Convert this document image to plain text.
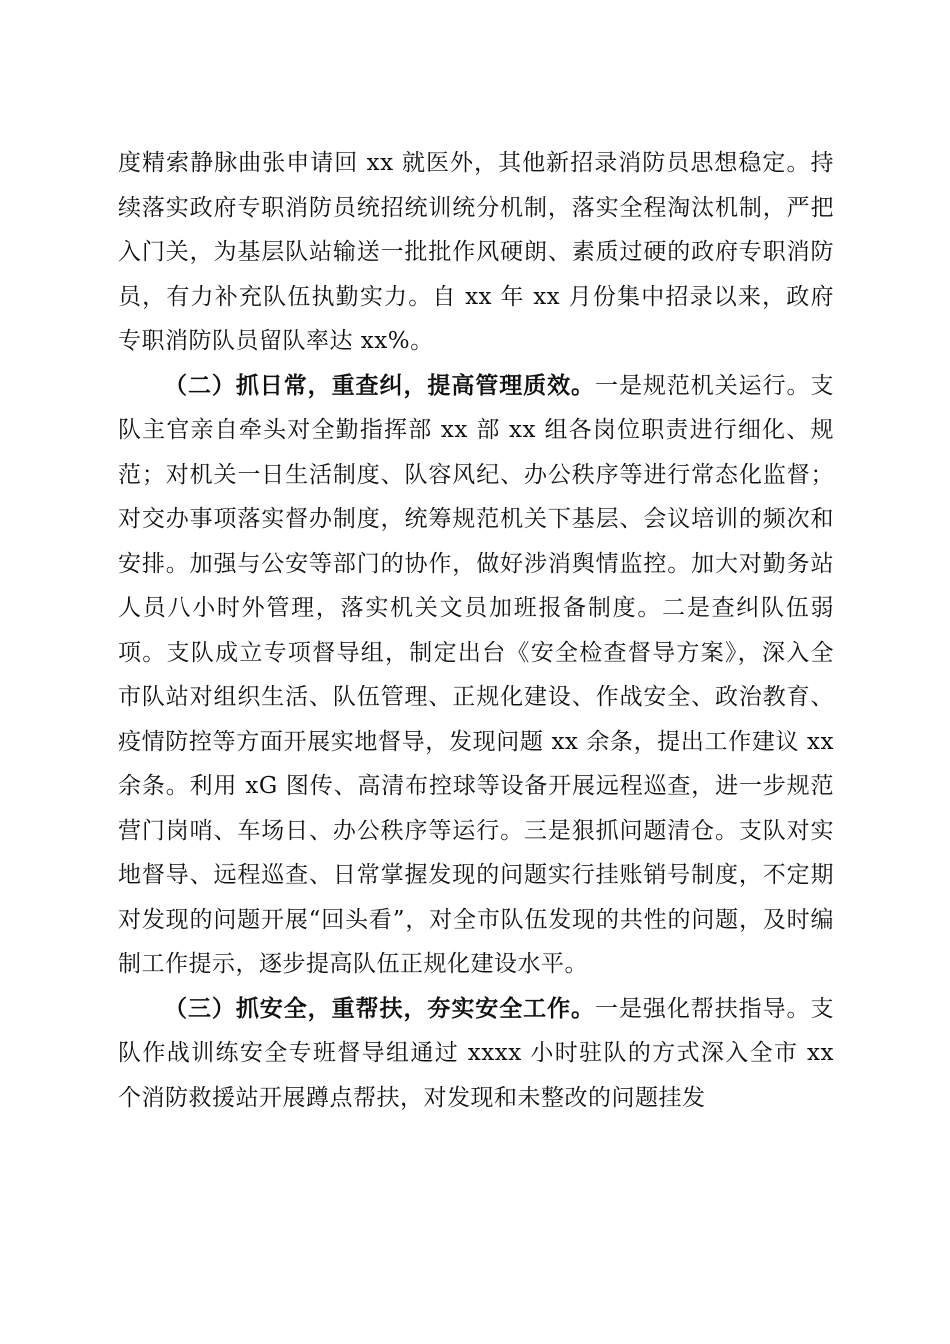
度精索静脉曲张申请回 xx 就医外，其他新招录消防员思想稳定。持续落实政府专职消防员统招统训统分机制，落实全程淘汰机制，严把入门关，为基层队站输送一批批作风硬朗、素质过硬的政府专职消防员，有力补充队伍执勤实力。自 xx 年 xx 月份集中招录以来，政府专职消防队员留队率达 xx%。

（二）抓日常，重查纠，提高管理质效。一是规范机关运行。支队主官亲自牵头对全勤指挥部 xx 部 xx 组各岗位职责进行细化、规范；对机关一日生活制度、队容风纪、办公秩序等进行常态化监督；对交办事项落实督办制度，统筹规范机关下基层、会议培训的频次和安排。加强与公安等部门的协作，做好涉消舆情监控。加大对勤务站人员八小时外管理，落实机关文员加班报备制度。二是查纠队伍弱项。支队成立专项督导组，制定出台《安全检查督导方案》，深入全市队站对组织生活、队伍管理、正规化建设、作战安全、政治教育、疫情防控等方面开展实地督导，发现问题 xx 余条，提出工作建议 xx 余条。利用 xG 图传、高清布控球等设备开展远程巡查，进一步规范营门岗哨、车场日、办公秩序等运行。三是狠抓问题清仓。支队对实地督导、远程巡查、日常掌握发现的问题实行挂账销号制度，不定期对发现的问题开展“回头看”，对全市队伍发现的共性的问题，及时编制工作提示，逐步提高队伍正规化建设水平。

（三）抓安全，重帮扶，夯实安全工作。一是强化帮扶指导。支队作战训练安全专班督导组通过 xxxx 小时驻队的方式深入全市 xx 个消防救援站开展蹲点帮扶，对发现和未整改的问题挂发
